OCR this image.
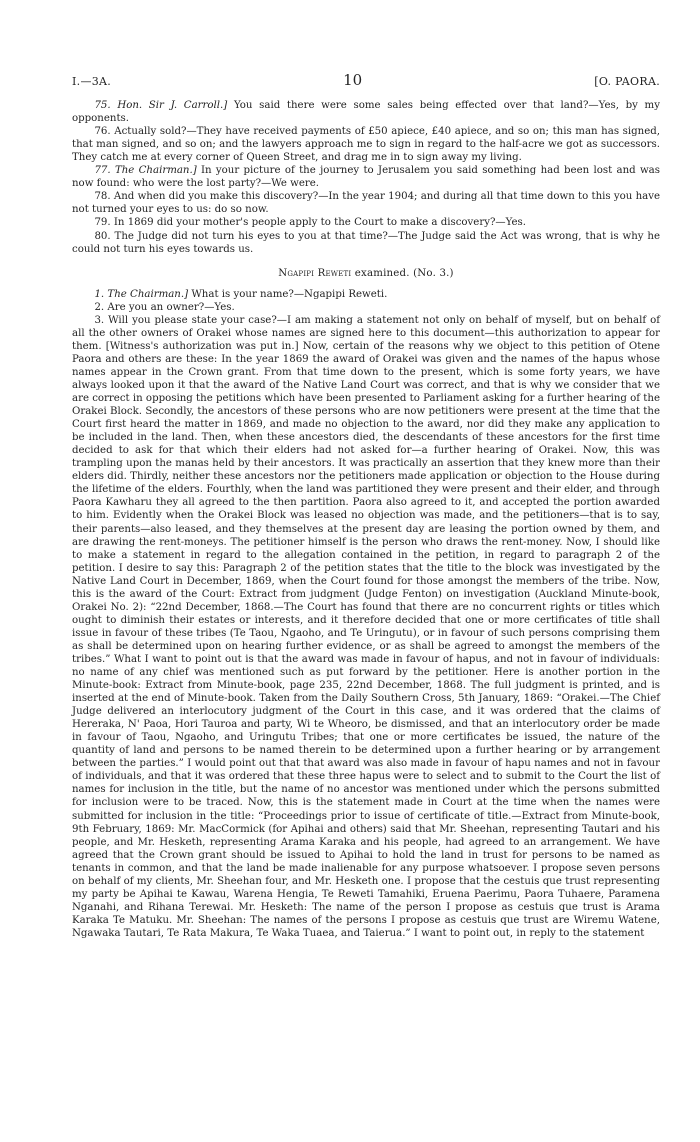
I.—3A.	10	[O. PAORA.

75. Hon. Sir J. Carroll.] You said there were some sales being effected over that land?—Yes, by my opponents.

76. Actually sold?—They have received payments of £50 apiece, £40 apiece, and so on; this man has signed, that man signed, and so on; and the lawyers approach me to sign in regard to the half-acre we got as successors. They catch me at every corner of Queen Street, and drag me in to sign away my living.

77. The Chairman.] In your picture of the journey to Jerusalem you said something had been lost and was now found: who were the lost party?—We were.

78. And when did you make this discovery?—In the year 1904; and during all that time down to this you have not turned your eyes to us: do so now.

79. In 1869 did your mother's people apply to the Court to make a discovery?—Yes.

80. The Judge did not turn his eyes to you at that time?—The Judge said the Act was wrong, that is why he could not turn his eyes towards us.

Ngapipi Reweti examined. (No. 3.)

1. The Chairman.] What is your name?—Ngapipi Reweti.

2. Are you an owner?—Yes.

3. Will you please state your case?—I am making a statement not only on behalf of myself, but on behalf of all the other owners of Orakei whose names are signed here to this document—this authorization to appear for them. [Witness's authorization was put in.] Now, certain of the reasons why we object to this petition of Otene Paora and others are these: In the year 1869 the award of Orakei was given and the names of the hapus whose names appear in the Crown grant. From that time down to the present, which is some forty years, we have always looked upon it that the award of the Native Land Court was correct, and that is why we consider that we are correct in opposing the petitions which have been presented to Parliament asking for a further hearing of the Orakei Block. Secondly, the ancestors of these persons who are now petitioners were present at the time that the Court first heard the matter in 1869, and made no objection to the award, nor did they make any application to be included in the land. Then, when these ancestors died, the descendants of these ancestors for the first time decided to ask for that which their elders had not asked for—a further hearing of Orakei. Now, this was trampling upon the manas held by their ancestors. It was practically an assertion that they knew more than their elders did. Thirdly, neither these ancestors nor the petitioners made application or objection to the House during the lifetime of the elders. Fourthly, when the land was partitioned they were present and their elder, and through Paora Kawharu they all agreed to the then partition. Paora also agreed to it, and accepted the portion awarded to him. Evidently when the Orakei Block was leased no objection was made, and the petitioners—that is to say, their parents—also leased, and they themselves at the present day are leasing the portion owned by them, and are drawing the rent-moneys. The petitioner himself is the person who draws the rent-money. Now, I should like to make a statement in regard to the allegation contained in the petition, in regard to paragraph 2 of the petition. I desire to say this: Paragraph 2 of the petition states that the title to the block was investigated by the Native Land Court in December, 1869, when the Court found for those amongst the members of the tribe. Now, this is the award of the Court: Extract from judgment (Judge Fenton) on investigation (Auckland Minute-book, Orakei No. 2): “22nd December, 1868.—The Court has found that there are no concurrent rights or titles which ought to diminish their estates or interests, and it therefore decided that one or more certificates of title shall issue in favour of these tribes (Te Taou, Ngaoho, and Te Uringutu), or in favour of such persons comprising them as shall be determined upon on hearing further evidence, or as shall be agreed to amongst the members of the tribes.” What I want to point out is that the award was made in favour of hapus, and not in favour of individuals: no name of any chief was mentioned such as put forward by the petitioner. Here is another portion in the Minute-book: Extract from Minute-book, page 235, 22nd December, 1868. The full judgment is printed, and is inserted at the end of Minute-book. Taken from the Daily Southern Cross, 5th January, 1869: “Orakei.—The Chief Judge delivered an interlocutory judgment of the Court in this case, and it was ordered that the claims of Hereraka, N' Paoa, Hori Tauroa and party, Wi te Wheoro, be dismissed, and that an interlocutory order be made in favour of Taou, Ngaoho, and Uringutu Tribes; that one or more certificates be issued, the nature of the quantity of land and persons to be named therein to be determined upon a further hearing or by arrangement between the parties.” I would point out that that award was also made in favour of hapu names and not in favour of individuals, and that it was ordered that these three hapus were to select and to submit to the Court the list of names for inclusion in the title, but the name of no ancestor was mentioned under which the persons submitted for inclusion were to be traced. Now, this is the statement made in Court at the time when the names were submitted for inclusion in the title: “Proceedings prior to issue of certificate of title.—Extract from Minute-book, 9th February, 1869: Mr. MacCormick (for Apihai and others) said that Mr. Sheehan, representing Tautari and his people, and Mr. Hesketh, representing Arama Karaka and his people, had agreed to an arrangement. We have agreed that the Crown grant should be issued to Apihai to hold the land in trust for persons to be named as tenants in common, and that the land be made inalienable for any purpose whatsoever. I propose seven persons on behalf of my clients, Mr. Sheehan four, and Mr. Hesketh one. I propose that the cestuis que trust representing my party be Apihai te Kawau, Warena Hengia, Te Reweti Tamahiki, Eruena Paerimu, Paora Tuhaere, Paramena Nganahi, and Rihana Terewai. Mr. Hesketh: The name of the person I propose as cestuis que trust is Arama Karaka Te Matuku. Mr. Sheehan: The names of the persons I propose as cestuis que trust are Wiremu Watene, Ngawaka Tautari, Te Rata Makura, Te Waka Tuaea, and Taierua.” I want to point out, in reply to the statement
